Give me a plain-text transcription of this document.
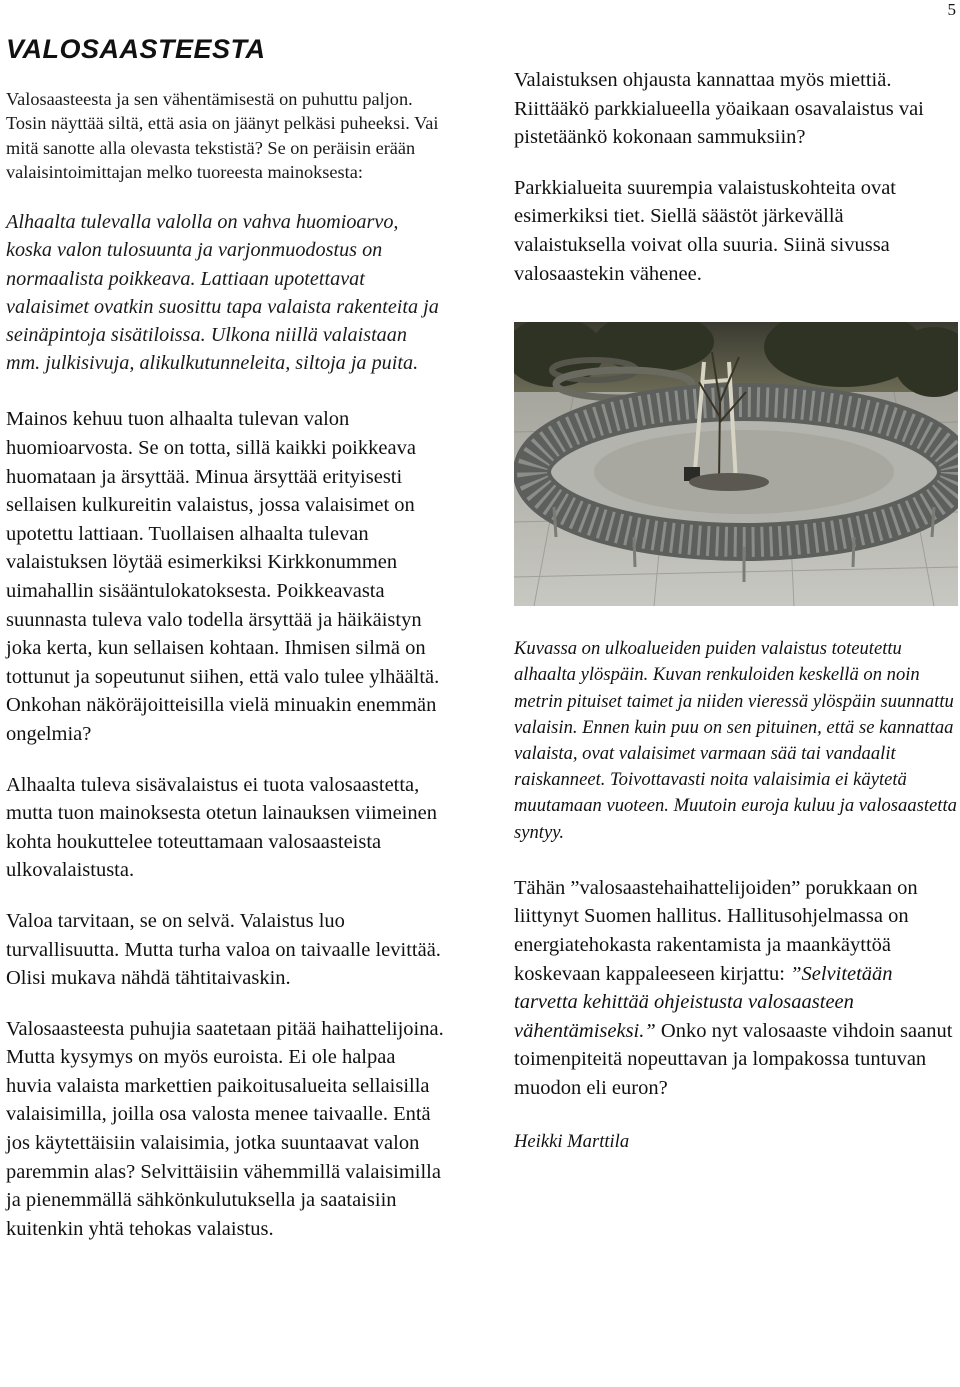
5
VALOSAASTEESTA

Valosaasteesta ja sen vähentämisestä on puhuttu paljon. Tosin näyttää siltä, että asia on jäänyt pelkäsi puheeksi. Vai mitä sanotte alla olevasta tekstistä? Se on peräisin erään valaisintoimittajan melko tuoreesta mainoksesta:

Alhaalta tulevalla valolla on vahva huomioarvo, koska valon tulosuunta ja varjonmuodostus on normaalista poikkeava. Lattiaan upotettavat valaisimet ovatkin suosittu tapa valaista rakenteita ja seinäpintoja sisätiloissa. Ulkona niillä valaistaan mm. julkisivuja, alikulkutunneleita, siltoja ja puita.

Mainos kehuu tuon alhaalta tulevan valon huomioarvosta. Se on totta, sillä kaikki poikkeava huomataan ja ärsyttää. Minua ärsyttää erityisesti sellaisen kulkureitin valaistus, jossa valaisimet on upotettu lattiaan. Tuollaisen alhaalta tulevan valaistuksen löytää esimerkiksi Kirkkonummen uimahallin sisääntulokatoksesta. Poikkeavasta suunnasta tuleva valo todella ärsyttää ja häikäistyn joka kerta, kun sellaisen kohtaan. Ihmisen silmä on tottunut ja sopeutunut siihen, että valo tulee ylhäältä. Onkohan näköräjoitteisilla vielä minuakin enemmän ongelmia?

Alhaalta tuleva sisävalaistus ei tuota valosaastetta, mutta tuon mainoksesta otetun lainauksen viimeinen kohta houkuttelee toteuttamaan valosaasteista ulkovalaistusta.

Valoa tarvitaan, se on selvä. Valaistus luo turvallisuutta. Mutta turha valoa on taivaalle levittää. Olisi mukava nähdä tähtitaivaskin.

Valosaasteesta puhujia saatetaan pitää haihattelijoina. Mutta kysymys on myös euroista. Ei ole halpaa huvia valaista markettien paikoitusalueita sellaisilla valaisimilla, joilla osa valosta menee taivaalle. Entä jos käytettäisiin valaisimia, jotka suuntaavat valon paremmin alas? Selvittäisiin vähemmillä valaisimilla ja pienemmällä sähkönkulutuksella ja saataisiin kuitenkin yhtä tehokas valaistus.

Valaistuksen ohjausta kannattaa myös miettiä. Riittääkö parkkialueella yöaikaan osavalaistus vai pistetäänkö kokonaan sammuksiin?

Parkkialueita suurempia valaistuskohteita ovat esimerkiksi tiet. Siellä säästöt järkevällä valaistuksella voivat olla suuria. Siinä sivussa valosaastekin vähenee.

Kuvassa on ulkoalueiden puiden valaistus toteutettu alhaalta ylöspäin. Kuvan renkuloiden keskellä on noin metrin pituiset taimet ja niiden vieressä ylöspäin suunnattu valaisin. Ennen kuin puu on sen pituinen, että se kannattaa valaista, ovat valaisimet varmaan sää tai vandaalit raiskanneet. Toivottavasti noita valaisimia ei käytetä muutamaan vuoteen. Muutoin euroja kuluu ja valosaastetta syntyy.

Tähän ”valosaastehaihattelijoiden” porukkaan on liittynyt Suomen hallitus. Hallitusohjelmassa on energiatehokasta rakentamista ja maankäyttöä koskevaan kappaleeseen kirjattu: ”Selvitetään tarvetta kehittää ohjeistusta valosaasteen vähentämiseksi.” Onko nyt valosaaste vihdoin saanut toimenpiteitä nopeuttavan ja lompakossa tuntuvan muodon eli euron?

Heikki Marttila
